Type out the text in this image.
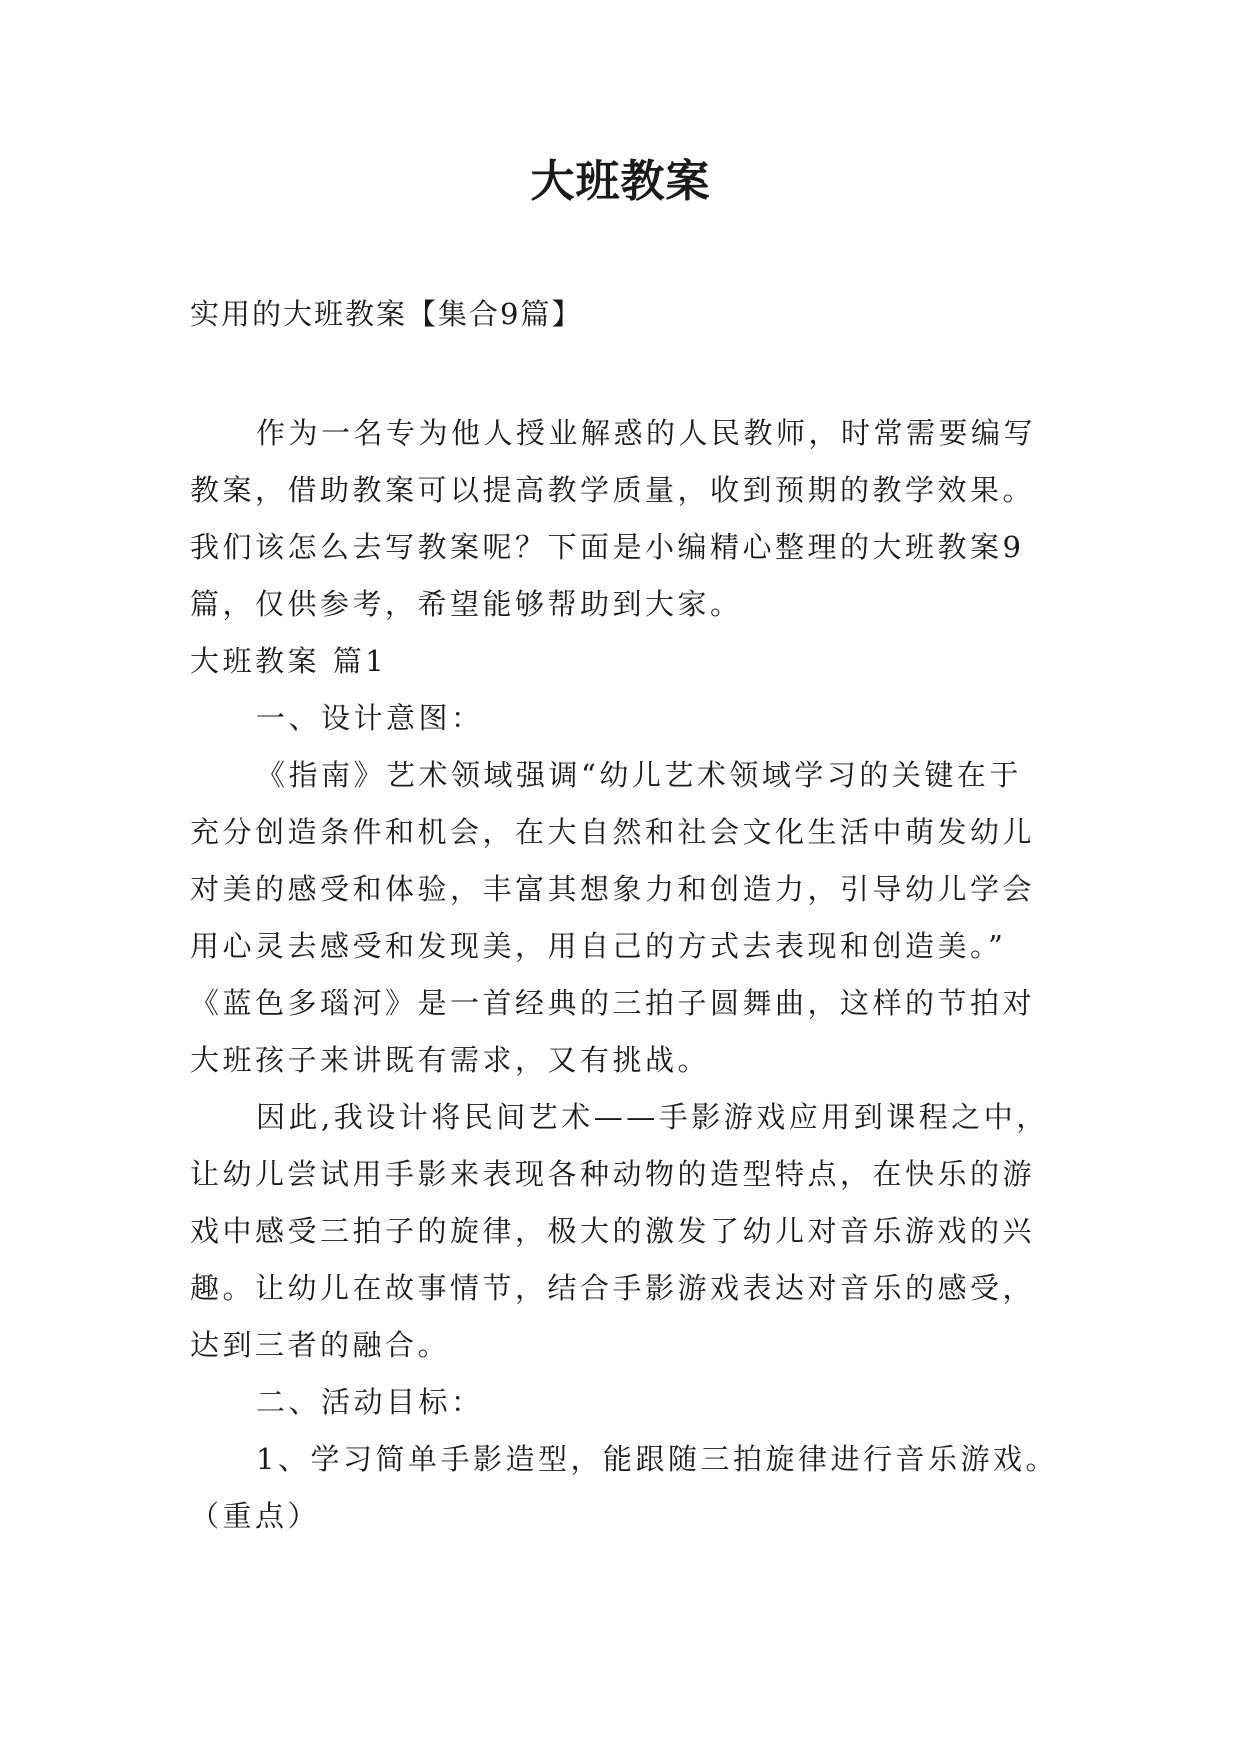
大班教案

实用的大班教案【集合9篇】

作为一名专为他人授业解惑的人民教师，时常需要编写
教案，借助教案可以提高教学质量，收到预期的教学效果。
我们该怎么去写教案呢？下面是小编精心整理的大班教案9
篇，仅供参考，希望能够帮助到大家。
大班教案 篇1
一、设计意图：
《指南》艺术领域强调“幼儿艺术领域学习的关键在于
充分创造条件和机会，在大自然和社会文化生活中萌发幼儿
对美的感受和体验，丰富其想象力和创造力，引导幼儿学会
用心灵去感受和发现美，用自己的方式去表现和创造美。”
《蓝色多瑙河》是一首经典的三拍子圆舞曲，这样的节拍对
大班孩子来讲既有需求，又有挑战。
因此,我设计将民间艺术——手影游戏应用到课程之中，
让幼儿尝试用手影来表现各种动物的造型特点，在快乐的游
戏中感受三拍子的旋律，极大的激发了幼儿对音乐游戏的兴
趣。让幼儿在故事情节，结合手影游戏表达对音乐的感受，
达到三者的融合。
二、活动目标：
1、学习简单手影造型，能跟随三拍旋律进行音乐游戏。
（重点）
